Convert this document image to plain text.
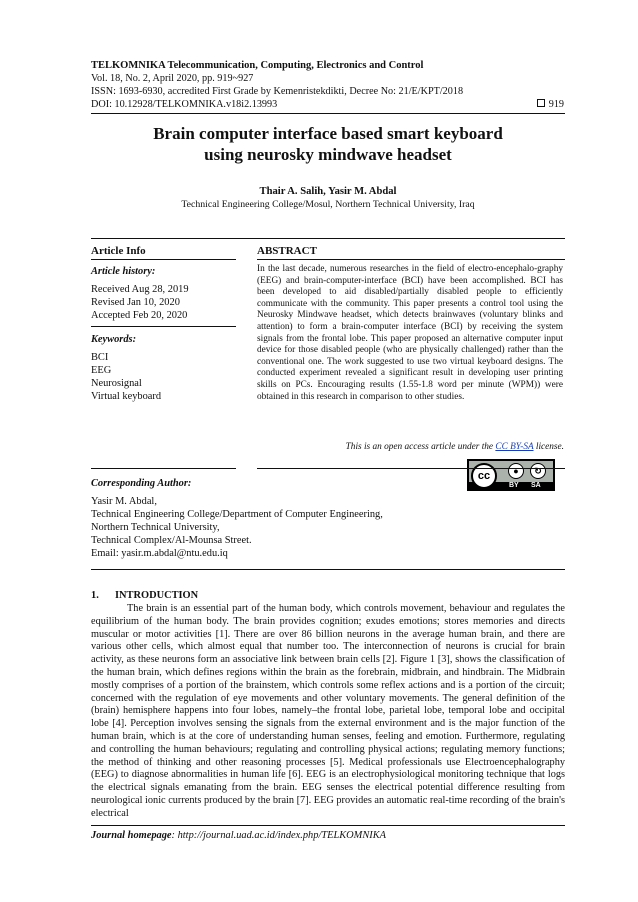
TELKOMNIKA Telecommunication, Computing, Electronics and Control
Vol. 18, No. 2, April 2020, pp. 919~927
ISSN: 1693-6930, accredited First Grade by Kemenristekdikti, Decree No: 21/E/KPT/2018
DOI: 10.12928/TELKOMNIKA.v18i2.13993	919
Brain computer interface based smart keyboard
using neurosky mindwave headset
Thair A. Salih, Yasir M. Abdal
Technical Engineering College/Mosul, Northern Technical University, Iraq
Article Info	ABSTRACT
Article history:
Received Aug 28, 2019
Revised Jan 10, 2020
Accepted Feb 20, 2020
Keywords:
BCI
EEG
Neurosignal
Virtual keyboard
In the last decade, numerous researches in the field of electro-encephalo-graphy (EEG) and brain-computer-interface (BCI) have been accomplished. BCI has been developed to aid disabled/partially disabled people to efficiently communicate with the community. This paper presents a control tool using the Neurosky Mindwave headset, which detects brainwaves (voluntary blinks and attention) to form a brain-computer interface (BCI) by receiving the system signals from the frontal lobe. This paper proposed an alternative computer input device for those disabled people (who are physically challenged) rather than the conventional one. The work suggested to use two virtual keyboard designs. The conducted experiment revealed a significant result in developing user printing skills on PCs. Encouraging results (1.55-1.8 word per minute (WPM)) were obtained in this research in comparison to other studies.
This is an open access article under the CC BY-SA license.
cc	●	↻
BY SA
Corresponding Author:
Yasir M. Abdal,
Technical Engineering College/Department of Computer Engineering,
Northern Technical University,
Technical Complex/Al-Mounsa Street.
Email: yasir.m.abdal@ntu.edu.iq
1. INTRODUCTION
The brain is an essential part of the human body, which controls movement, behaviour and regulates the equilibrium of the human body. The brain provides cognition; exudes emotions; stores memories and directs muscular or motor activities [1]. There are over 86 billion neurons in the average human brain, and there are various other cells, which almost equal that number too. The interconnection of neurons is crucial for brain activity, as these neurons form an associative link between brain cells [2]. Figure 1 [3], shows the classification of the human brain, which defines regions within the brain as the forebrain, midbrain, and hindbrain. The Midbrain mostly comprises of a portion of the brainstem, which controls some reflex actions and is a portion of the circuit; concerned with the regulation of eye movements and other voluntary movements. The general definition of the (brain) hemisphere happens into four lobes, namely–the frontal lobe, parietal lobe, temporal lobe and occipital lobe [4]. Perception involves sensing the signals from the external environment and is the major function of the human brain, which is at the core of understanding human senses, feeling and emotion. Furthermore, regulating and controlling the human behaviours; regulating and controlling physical actions; regulating memory functions; the method of thinking and other reasoning processes [5]. Medical professionals use Electroencephalography (EEG) to diagnose abnormalities in human life [6]. EEG is an electrophysiological monitoring technique that logs the electrical signals emanating from the brain. EEG senses the electrical potential difference resulting from neurological ionic currents produced by the brain [7]. EEG provides an automatic real-time recording of the brain's electrical
Journal homepage: http://journal.uad.ac.id/index.php/TELKOMNIKA
